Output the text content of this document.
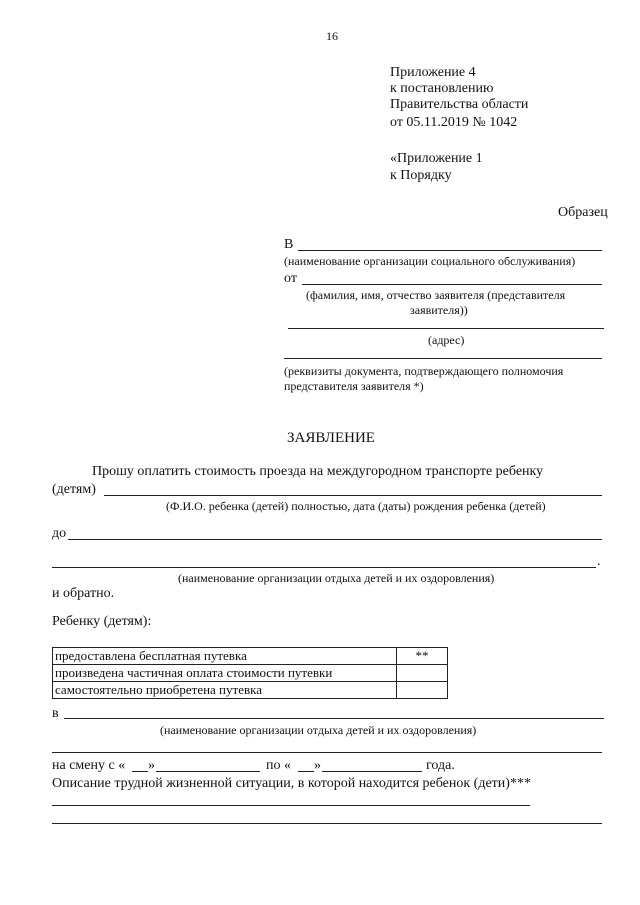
16
Приложение 4
к постановлению
Правительства области
от 05.11.2019 № 1042
«Приложение 1
к Порядку
Образец
В
(наименование организации социального обслуживания)
от
(фамилия, имя, отчество заявителя (представителя
заявителя))
(адрес)
(реквизиты документа, подтверждающего полномочия
представителя заявителя *)
ЗАЯВЛЕНИЕ
Прошу оплатить стоимость проезда на междугородном транспорте ребенку
(детям)
(Ф.И.О. ребенка (детей) полностью, дата (даты) рождения ребенка (детей)
до
.
(наименование организации отдыха детей и их оздоровления)
и обратно.
Ребенку (детям):
предоставлена бесплатная путевка	**
произведена частичная оплата стоимости путевки	
самостоятельно приобретена путевка	
в
(наименование организации отдыха детей и их оздоровления)
на смену с « »	по « »	года.
Описание трудной жизненной ситуации, в которой находится ребенок (дети)***
